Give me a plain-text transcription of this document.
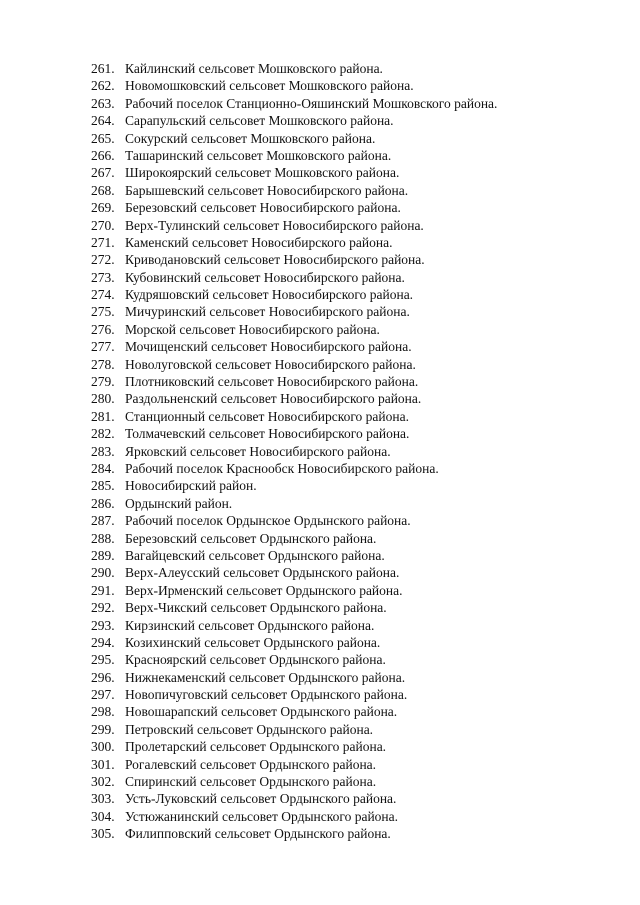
261. Кайлинский сельсовет Мошковского района.
262. Новомошковский сельсовет Мошковского района.
263. Рабочий поселок Станционно-Ояшинский Мошковского района.
264. Сарапульский сельсовет Мошковского района.
265. Сокурский сельсовет Мошковского района.
266. Ташаринский сельсовет Мошковского района.
267. Широкоярский сельсовет Мошковского района.
268. Барышевский сельсовет Новосибирского района.
269. Березовский сельсовет Новосибирского района.
270. Верх-Тулинский сельсовет Новосибирского района.
271. Каменский сельсовет Новосибирского района.
272. Криводановский сельсовет Новосибирского района.
273. Кубовинский сельсовет Новосибирского района.
274. Кудряшовский сельсовет Новосибирского района.
275. Мичуринский сельсовет Новосибирского района.
276. Морской сельсовет Новосибирского района.
277. Мочищенский сельсовет Новосибирского района.
278. Новолуговской сельсовет Новосибирского района.
279. Плотниковский сельсовет Новосибирского района.
280. Раздольненский сельсовет Новосибирского района.
281. Станционный сельсовет Новосибирского района.
282. Толмачевский сельсовет Новосибирского района.
283. Ярковский сельсовет Новосибирского района.
284. Рабочий поселок Краснообск Новосибирского района.
285. Новосибирский район.
286. Ордынский район.
287. Рабочий поселок Ордынское Ордынского района.
288. Березовский сельсовет Ордынского района.
289. Вагайцевский сельсовет Ордынского района.
290. Верх-Алеусский сельсовет Ордынского района.
291. Верх-Ирменский сельсовет Ордынского района.
292. Верх-Чикский сельсовет Ордынского района.
293. Кирзинский сельсовет Ордынского района.
294. Козихинский сельсовет Ордынского района.
295. Красноярский сельсовет Ордынского района.
296. Нижнекаменский сельсовет Ордынского района.
297. Новопичуговский сельсовет Ордынского района.
298. Новошарапский сельсовет Ордынского района.
299. Петровский сельсовет Ордынского района.
300. Пролетарский сельсовет Ордынского района.
301. Рогалевский сельсовет Ордынского района.
302. Спиринский сельсовет Ордынского района.
303. Усть-Луковский сельсовет Ордынского района.
304. Устюжанинский сельсовет Ордынского района.
305. Филипповский сельсовет Ордынского района.
